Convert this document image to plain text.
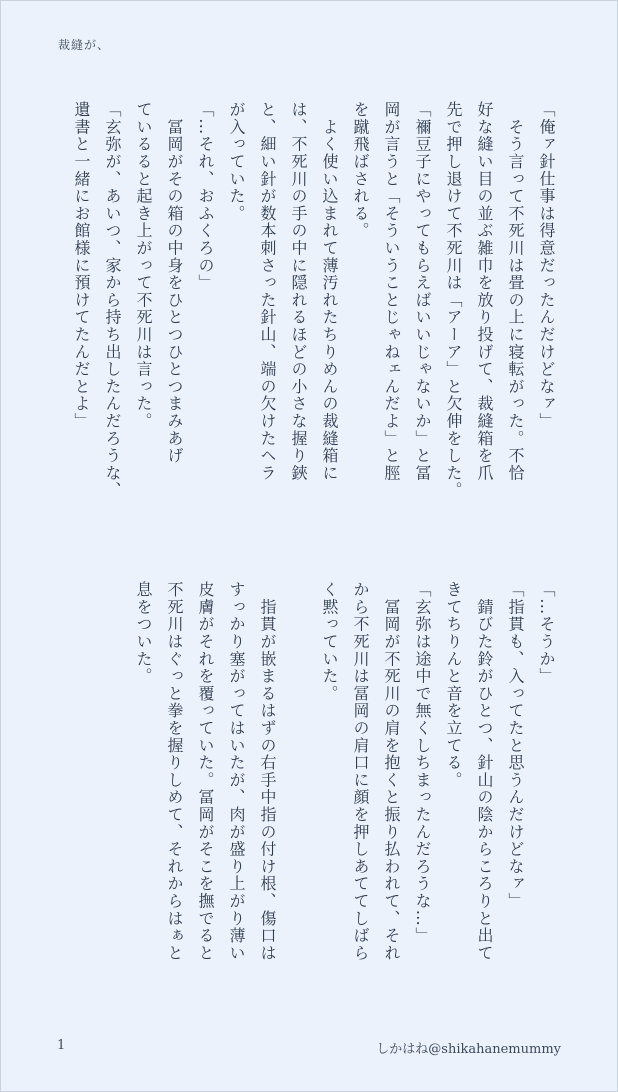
裁縫が、

「俺ァ針仕事は得意だったんだけどなァ」

　そう言って不死川は畳の上に寝転がった。不恰

好な縫い目の並ぶ雑巾を放り投げて、裁縫箱を爪

先で押し退けて不死川は「アーア」と欠伸をした。

「禰豆子にやってもらえばいいじゃないか」と冨

岡が言うと「そういうことじゃねェんだよ」と脛

を蹴飛ばされる。

　よく使い込まれて薄汚れたちりめんの裁縫箱に

は、不死川の手の中に隠れるほどの小さな握り鋏

と、細い針が数本刺さった針山、端の欠けたヘラ

が入っていた。

「…それ、おふくろの」

　冨岡がその箱の中身をひとつひとつまみあげ

ているると起き上がって不死川は言った。

「玄弥が、あいつ、家から持ち出したんだろうな、

遺書と一緒にお館様に預けてたんだとよ」

「…そうか」

「指貫も、入ってたと思うんだけどなァ」

　錆びた鈴がひとつ、針山の陰からころりと出て

きてちりんと音を立てる。

「玄弥は途中で無くしちまったんだろうな…」

　冨岡が不死川の肩を抱くと振り払われて、それ

から不死川は冨岡の肩口に顔を押しあててしばら

く黙っていた。

　指貫が嵌まるはずの右手中指の付け根、傷口は

すっかり塞がってはいたが、肉が盛り上がり薄い

皮膚がそれを覆っていた。冨岡がそこを撫でると

不死川はぐっと拳を握りしめて、それからはぁと

息をついた。

1	しかはね@shikahanemummy
